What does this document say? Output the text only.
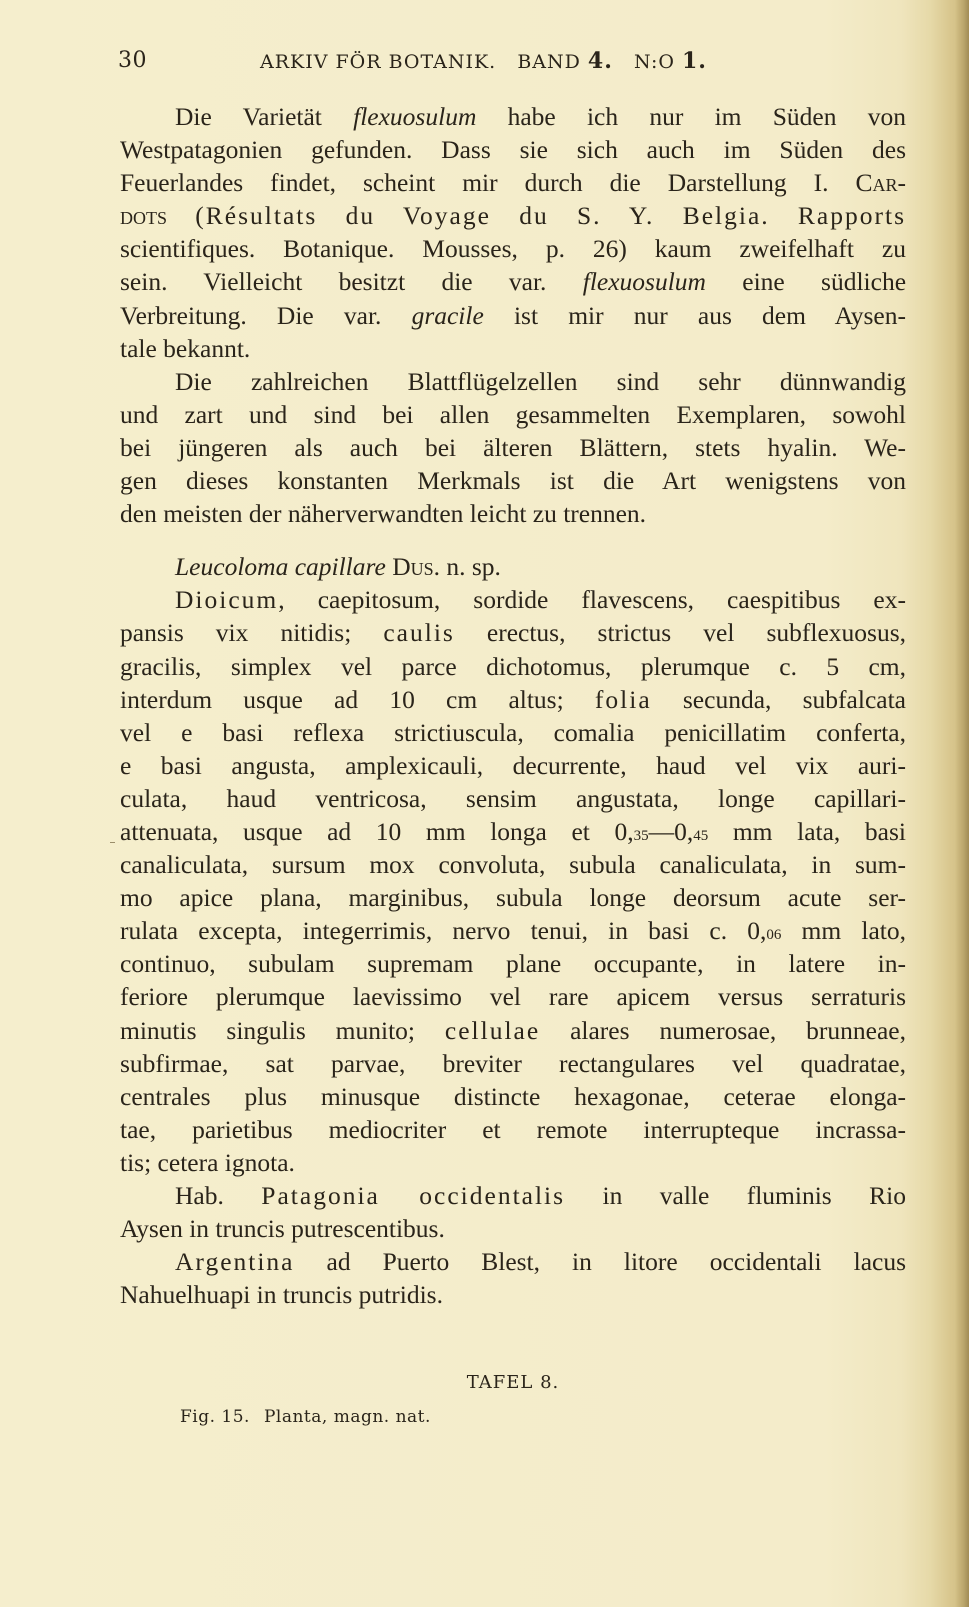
30	ARKIV FÖR BOTANIK. BAND 4. N:O 1.
Die Varietät flexuosulum habe ich nur im Süden von
Westpatagonien gefunden. Dass sie sich auch im Süden des
Feuerlandes findet, scheint mir durch die Darstellung I. Car-
dots (Résultats du Voyage du S. Y. Belgia. Rapports
scientifiques. Botanique. Mousses, p. 26) kaum zweifelhaft zu
sein. Vielleicht besitzt die var. flexuosulum eine südliche
Verbreitung. Die var. gracile ist mir nur aus dem Aysen-
tale bekannt.
Die zahlreichen Blattflügelzellen sind sehr dünnwandig
und zart und sind bei allen gesammelten Exemplaren, sowohl
bei jüngeren als auch bei älteren Blättern, stets hyalin. We-
gen dieses konstanten Merkmals ist die Art wenigstens von
den meisten der näherverwandten leicht zu trennen.
Leucoloma capillare Dus. n. sp.
Dioicum, caepitosum, sordide flavescens, caespitibus ex-
pansis vix nitidis; caulis erectus, strictus vel subflexuosus,
gracilis, simplex vel parce dichotomus, plerumque c. 5 cm,
interdum usque ad 10 cm altus; folia secunda, subfalcata
vel e basi reflexa strictiuscula, comalia penicillatim conferta,
e basi angusta, amplexicauli, decurrente, haud vel vix auri-
culata, haud ventricosa, sensim angustata, longe capillari-
attenuata, usque ad 10 mm longa et 0,35—0,45 mm lata, basi
canaliculata, sursum mox convoluta, subula canaliculata, in sum-
mo apice plana, marginibus, subula longe deorsum acute ser-
rulata excepta, integerrimis, nervo tenui, in basi c. 0,06 mm lato,
continuo, subulam supremam plane occupante, in latere in-
feriore plerumque laevissimo vel rare apicem versus serraturis
minutis singulis munito; cellulae alares numerosae, brunneae,
subfirmae, sat parvae, breviter rectangulares vel quadratae,
centrales plus minusque distincte hexagonae, ceterae elonga-
tae, parietibus mediocriter et remote interrupteque incrassa-
tis; cetera ignota.
Hab. Patagonia occidentalis in valle fluminis Rio
Aysen in truncis putrescentibus.
Argentina ad Puerto Blest, in litore occidentali lacus
Nahuelhuapi in truncis putridis.
TAFEL 8.
Fig. 15. Planta, magn. nat.
